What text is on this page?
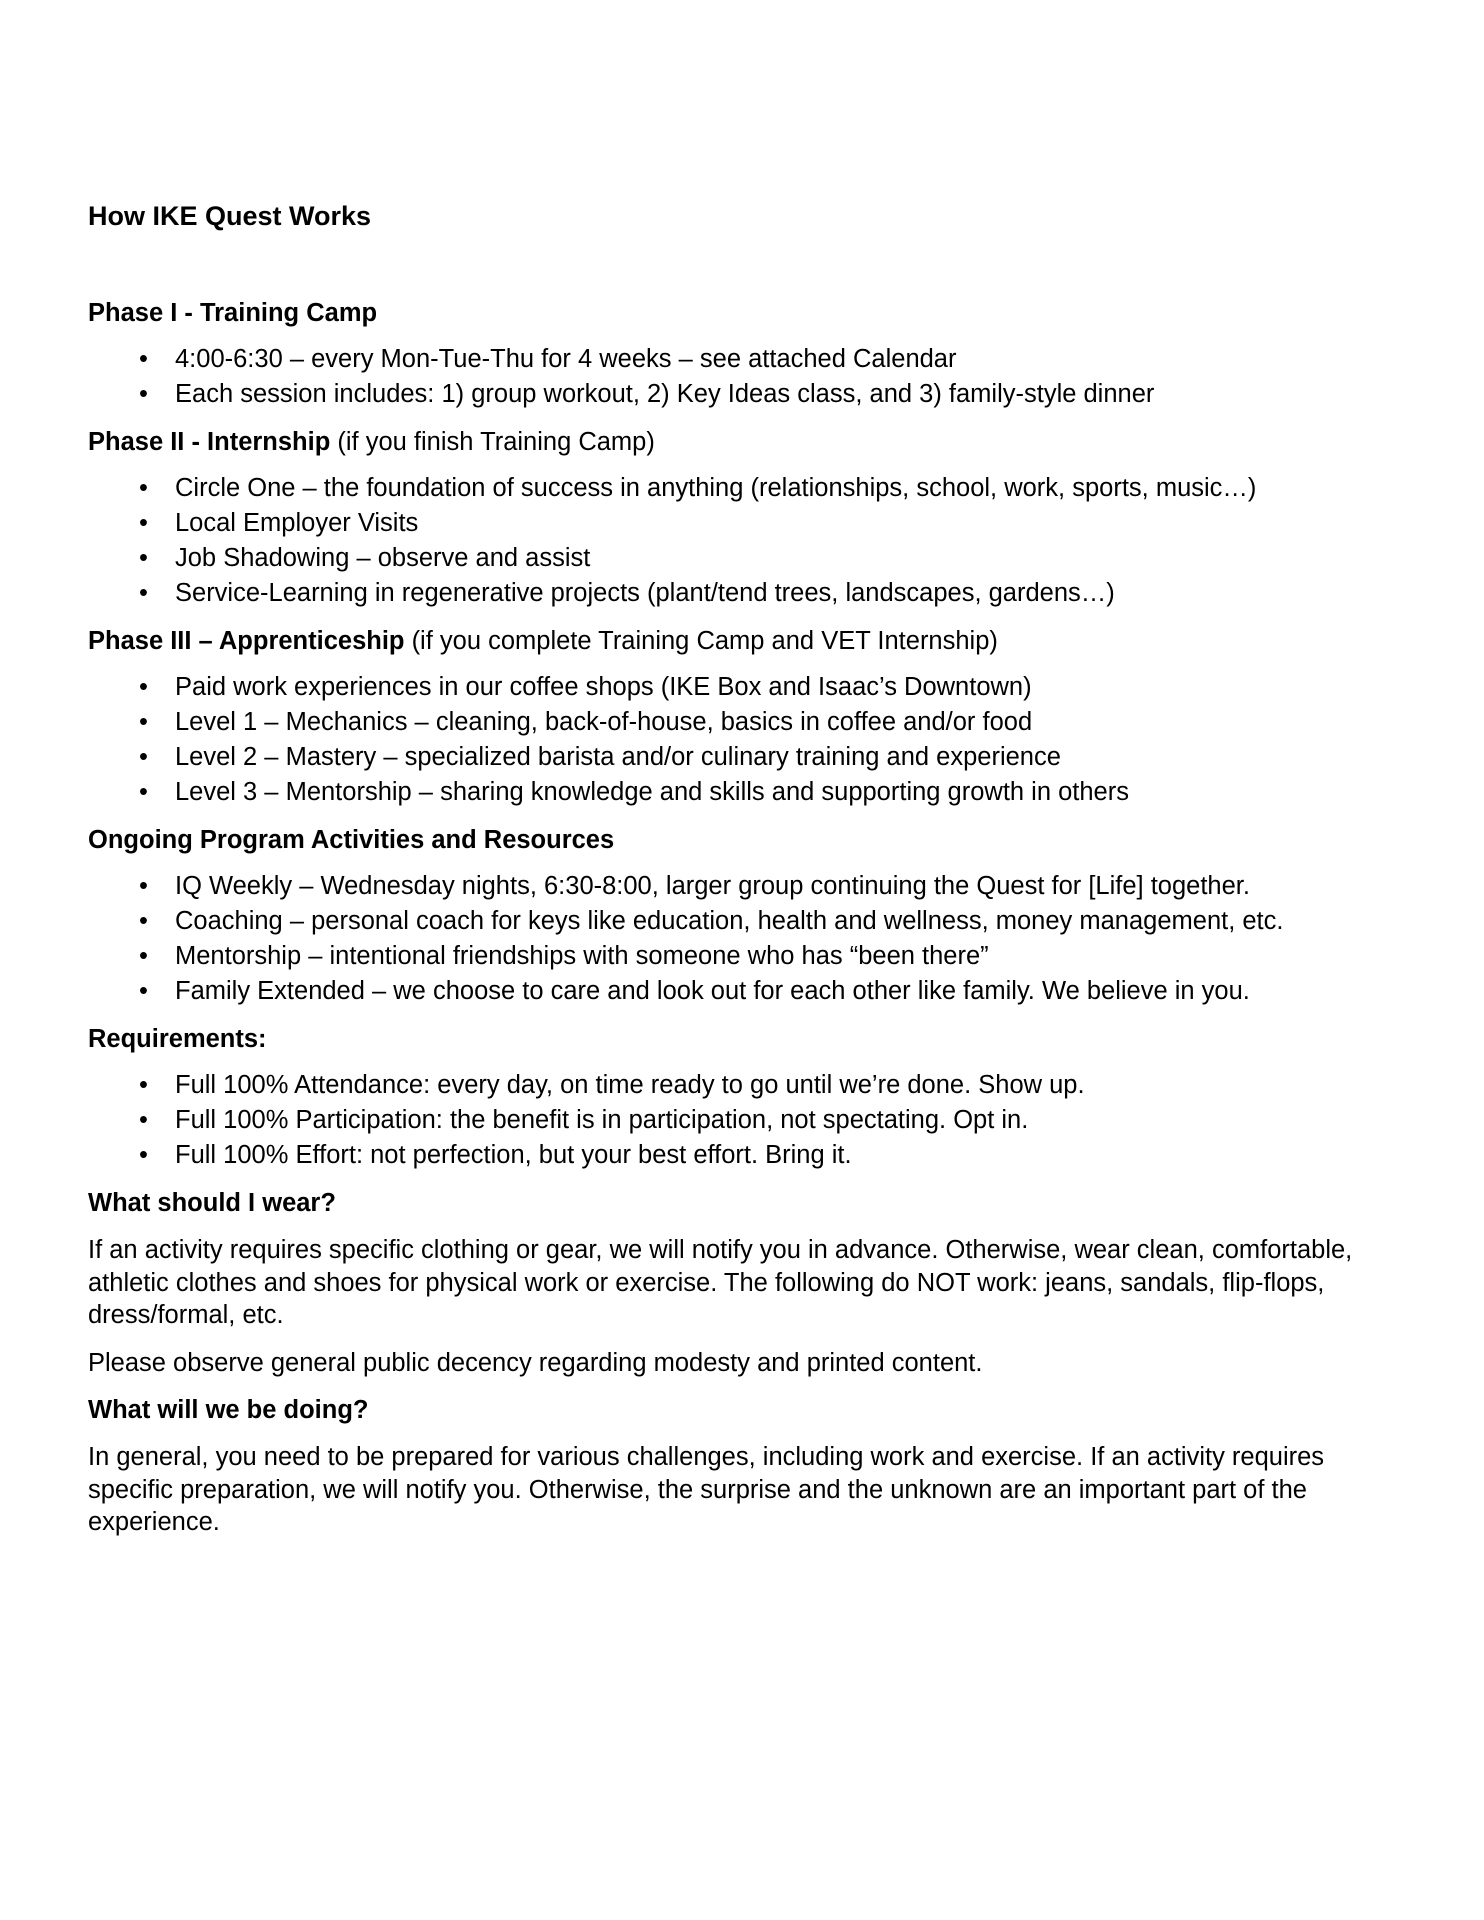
How IKE Quest Works
Phase I - Training Camp
• 4:00-6:30 – every Mon-Tue-Thu for 4 weeks – see attached Calendar
• Each session includes: 1) group workout, 2) Key Ideas class, and 3) family-style dinner
Phase II - Internship (if you finish Training Camp)
• Circle One – the foundation of success in anything (relationships, school, work, sports, music…)
• Local Employer Visits
• Job Shadowing – observe and assist
• Service-Learning in regenerative projects (plant/tend trees, landscapes, gardens…)
Phase III – Apprenticeship (if you complete Training Camp and VET Internship)
• Paid work experiences in our coffee shops (IKE Box and Isaac’s Downtown)
• Level 1 – Mechanics – cleaning, back-of-house, basics in coffee and/or food
• Level 2 – Mastery – specialized barista and/or culinary training and experience
• Level 3 – Mentorship – sharing knowledge and skills and supporting growth in others
Ongoing Program Activities and Resources
• IQ Weekly – Wednesday nights, 6:30-8:00, larger group continuing the Quest for [Life] together.
• Coaching – personal coach for keys like education, health and wellness, money management, etc.
• Mentorship – intentional friendships with someone who has “been there”
• Family Extended – we choose to care and look out for each other like family. We believe in you.
Requirements:
• Full 100% Attendance: every day, on time ready to go until we’re done. Show up.
• Full 100% Participation: the benefit is in participation, not spectating. Opt in.
• Full 100% Effort: not perfection, but your best effort. Bring it.
What should I wear?

If an activity requires specific clothing or gear, we will notify you in advance. Otherwise, wear clean, comfortable, athletic clothes and shoes for physical work or exercise. The following do NOT work: jeans, sandals, flip-flops, dress/formal, etc.

Please observe general public decency regarding modesty and printed content.

What will we be doing?

In general, you need to be prepared for various challenges, including work and exercise. If an activity requires specific preparation, we will notify you. Otherwise, the surprise and the unknown are an important part of the experience.
